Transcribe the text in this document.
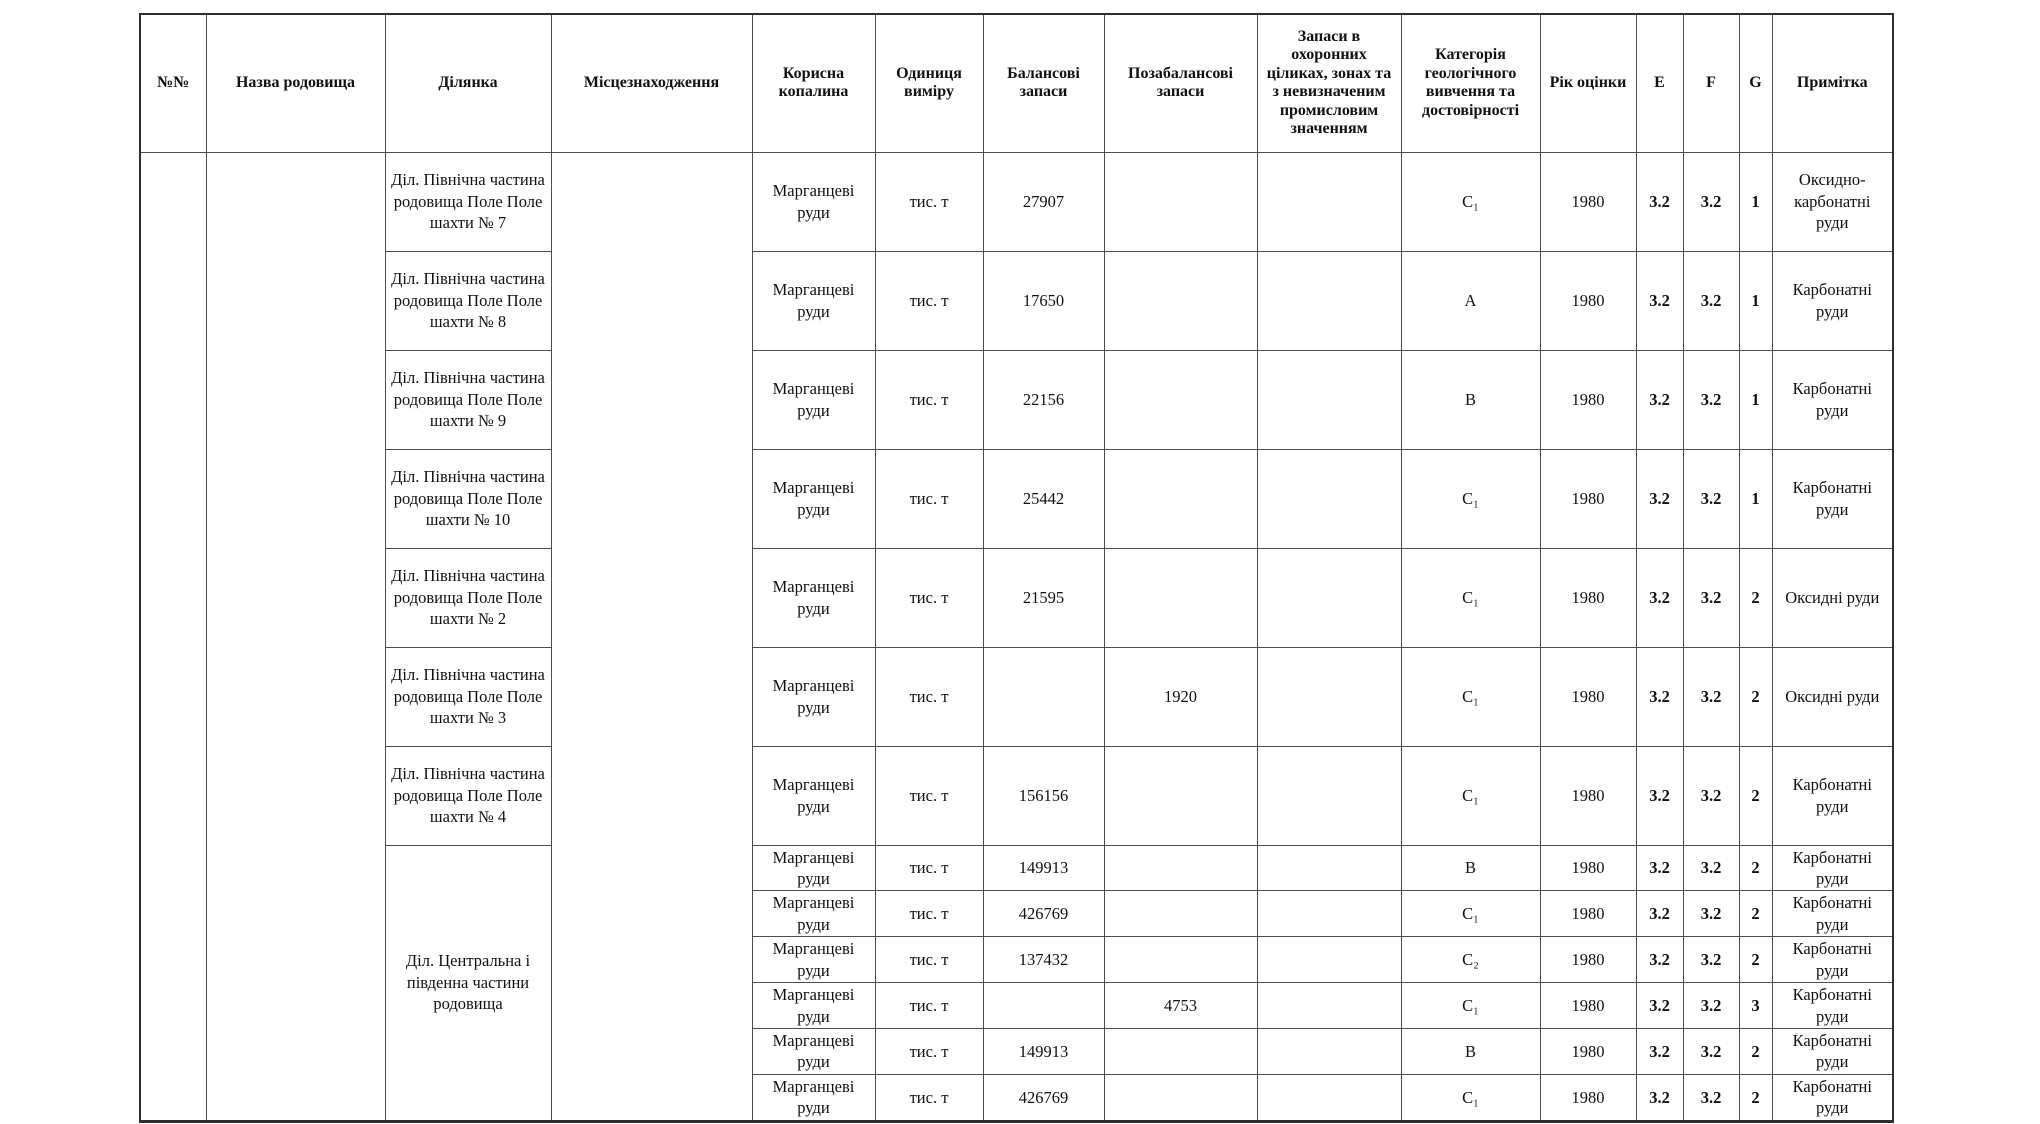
№№	Назва родовища	Ділянка	Місцезнаходження	Корисна копалина	Одиниця виміру	Балансові запаси	Позабалансові запаси	Запаси в охоронних ціликах, зонах та з невизначеним промисловим значенням	Категорія геологічного вивчення та достовірності	Рік оцінки	E	F	G	Примітка
		Діл. Північна частина родовища Поле Поле шахти № 7		Марганцеві руди	тис. т	27907			C₁	1980	3.2	3.2	1	Оксидно-карбонатні руди
		Діл. Північна частина родовища Поле Поле шахти № 8		Марганцеві руди	тис. т	17650			A	1980	3.2	3.2	1	Карбонатні руди
		Діл. Північна частина родовища Поле Поле шахти № 9		Марганцеві руди	тис. т	22156			B	1980	3.2	3.2	1	Карбонатні руди
		Діл. Північна частина родовища Поле Поле шахти № 10		Марганцеві руди	тис. т	25442			C₁	1980	3.2	3.2	1	Карбонатні руди
		Діл. Північна частина родовища Поле Поле шахти № 2		Марганцеві руди	тис. т	21595			C₁	1980	3.2	3.2	2	Оксидні руди
		Діл. Північна частина родовища Поле Поле шахти № 3		Марганцеві руди	тис. т		1920		C₁	1980	3.2	3.2	2	Оксидні руди
		Діл. Північна частина родовища Поле Поле шахти № 4		Марганцеві руди	тис. т	156156			C₁	1980	3.2	3.2	2	Карбонатні руди
		Діл. Центральна і південна частини родовища		Марганцеві руди	тис. т	149913			B	1980	3.2	3.2	2	Карбонатні руди
				Марганцеві руди	тис. т	426769			C₁	1980	3.2	3.2	2	Карбонатні руди
				Марганцеві руди	тис. т	137432			C₂	1980	3.2	3.2	2	Карбонатні руди
				Марганцеві руди	тис. т		4753		C₁	1980	3.2	3.2	3	Карбонатні руди
				Марганцеві руди	тис. т	149913			B	1980	3.2	3.2	2	Карбонатні руди
				Марганцеві руди	тис. т	426769			C₁	1980	3.2	3.2	2	Карбонатні руди
